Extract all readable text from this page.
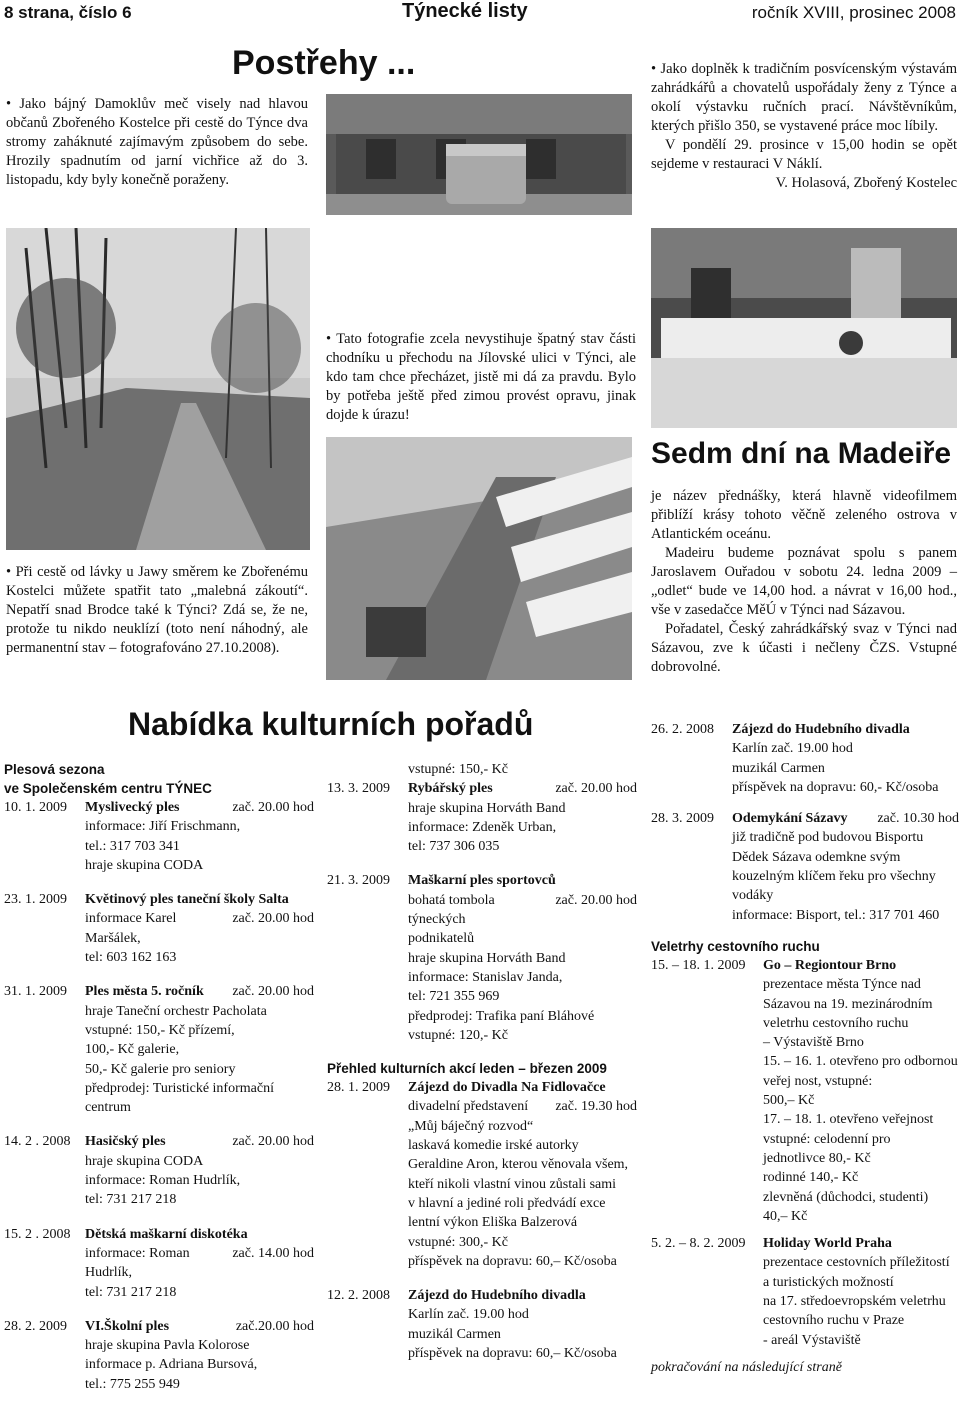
8 strana, číslo 6	Týnecké listy	ročník XVIII, prosinec 2008
Postřehy ...

• Jako bájný Damoklův meč visely nad hlavou občanů Zbořeného Kostelce při cestě do Týnce dva stromy zaháknuté zajímavým způsobem do sebe. Hrozily spadnutím od jarní vichřice až do 3. listopadu, kdy byly konečně poraženy.

• Jako doplněk k tradičním posvícenským výstavám zahrádkářů a chovatelů uspořádaly ženy z Týnce a okolí výstavku ručních prací. Návštěvníkům, kterých přišlo 350, se vystavené práce moc líbily.

V pondělí 29. prosince v 15,00 hodin se opět sejdeme v restauraci V Náklí.

V. Holasová, Zbořený Kostelec

• Tato fotografie zcela nevystihuje špatný stav části chodníku u přechodu na Jílovské ulici v Týnci, ale kdo tam chce přecházet, jistě mi dá za pravdu. Bylo by potřeba ještě před zimou provést opravu, jinak dojde k úrazu!

Sedm dní na Madeiře

je název přednášky, která hlavně videofilmem přiblíží krásy tohoto věčně zeleného ostrova v Atlantickém oceánu.

Madeiru budeme poznávat spolu s panem Jaroslavem Ouřadou v sobotu 24. ledna 2009 – „odlet“ bude ve 14,00 hod. a návrat v 16,00 hod., vše v zasedačce MěÚ v Týnci nad Sázavou.

Pořadatel, Český zahrádkářský svaz v Týnci nad Sázavou, zve k účasti i nečleny ČZS. Vstupné dobrovolné.

• Při cestě od lávky u Jawy směrem ke Zbořenému Kostelci můžete spatřit tato „malebná zákoutí“. Nepatří snad Brodce také k Týnci? Zdá se, že ne, protože tu nikdo neuklízí (toto není náhodný, ale permanentní stav – fotografováno 27.10.2008).

Nabídka kulturních pořadů
Plesová sezona
ve Společenském centru TÝNEC
10. 1. 2009 Myslivecký ples	zač. 20.00 hod
informace: Jiří Frischmann,
tel.: 317 703 341
hraje skupina CODA
23. 1. 2009 Květinový ples taneční školy Salta
zač. 20.00 hod
informace Karel Maršálek,
tel: 603 162 163
31. 1. 2009 Ples města 5. ročník zač. 20.00 hod
hraje Taneční orchestr Pacholata
vstupné: 150,- Kč přízemí,
100,- Kč galerie,
50,- Kč galerie pro seniory
předprodej: Turistické informační
centrum
14. 2 . 2008 Hasičský ples	zač. 20.00 hod
hraje skupina CODA
informace: Roman Hudrlík,
tel: 731 217 218
15. 2 . 2008 Dětská maškarní diskotéka
zač. 14.00 hod
informace: Roman Hudrlík,
tel: 731 217 218
28. 2. 2009 VI.Školní ples	zač.20.00 hod
hraje skupina Pavla Kolorose
informace p. Adriana Bursová,
tel.: 775 255 949
vstupné: 150,- Kč
13. 3. 2009 Rybářský ples	zač. 20.00 hod
hraje skupina Horváth Band
informace: Zdeněk Urban,
tel: 737 306 035
21. 3. 2009 Maškarní ples sportovců
zač. 20.00 hod
bohatá tombola týneckých
podnikatelů
hraje skupina Horváth Band
informace: Stanislav Janda,
tel: 721 355 969
předprodej: Trafika paní Bláhové
vstupné: 120,- Kč
Přehled kulturních akcí leden – březen 2009
28. 1. 2009 Zájezd do Divadla Na Fidlovačce
zač. 19.30 hod
divadelní představení
„Můj báječný rozvod“
laskavá komedie irské autorky Geraldine Aron, kterou věnovala všem,
kteří nikoli vlastní vinou zůstali sami
v hlavní a jediné roli předvádí exce
lentní výkon Eliška Balzerová
vstupné: 300,- Kč
příspěvek na dopravu: 60,– Kč/osoba
12. 2. 2008 Zájezd do Hudebního divadla
Karlín zač. 19.00 hod
muzikál Carmen
příspěvek na dopravu: 60,– Kč/osoba
26. 2. 2008 Zájezd do Hudebního divadla
Karlín zač. 19.00 hod
muzikál Carmen
příspěvek na dopravu: 60,- Kč/osoba
28. 3. 2009 Odemykání Sázavy zač. 10.30 hod
již tradičně pod budovou Bisportu
Dědek Sázava odemkne svým kouzelným klíčem řeku pro všechny vodáky
informace: Bisport, tel.: 317 701 460
Veletrhy cestovního ruchu
15. – 18. 1. 2009 Go – Regiontour Brno
prezentace města Týnce nad
Sázavou na 19. mezinárodním
veletrhu cestovního ruchu
– Výstaviště Brno
15. – 16. 1. otevřeno pro odbornou veřej nost, vstupné:
500,– Kč
17. – 18. 1. otevřeno veřejnost
vstupné: celodenní pro
jednotlivce 80,- Kč
rodinné 140,- Kč
zlevněná (důchodci, studenti)
40,– Kč
5. 2. – 8. 2. 2009 Holiday World Praha
prezentace cestovních příležitostí a turistických možností
na 17. středoevropském veletrhu cestovního ruchu v Praze
- areál Výstaviště
pokračování na následující straně
